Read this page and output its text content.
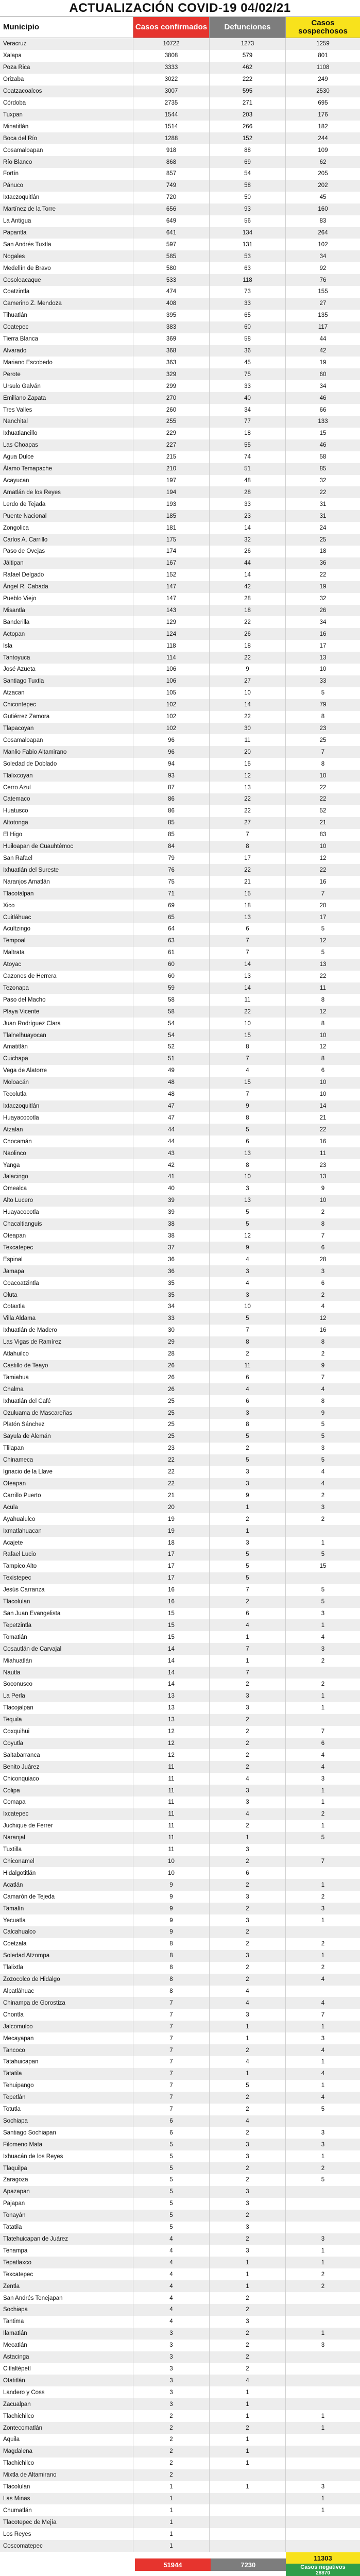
ACTUALIZACIÓN COVID-19 04/02/21
Municipio	Casos confirmados	Defunciones	Casos sospechosos
Veracruz	10722	1273	1259
Xalapa	3808	579	801
Poza Rica	3333	462	1108
Orizaba	3022	222	249
Coatzacoalcos	3007	595	2530
Córdoba	2735	271	695
Tuxpan	1544	203	176
Minatitlán	1514	266	182
Boca del Río	1288	152	244
Cosamaloapan	918	88	109
Río Blanco	868	69	62
Fortín	857	54	205
Pánuco	749	58	202
Ixtaczoquitlán	720	50	45
Martínez de la Torre	656	93	160
La Antigua	649	56	83
Papantla	641	134	264
San Andrés Tuxtla	597	131	102
Nogales	585	53	34
Medellín de Bravo	580	63	92
Cosoleacaque	533	118	76
Coatzintla	474	73	155
Camerino Z. Mendoza	408	33	27
Tihuatlán	395	65	135
Coatepec	383	60	117
Tierra Blanca	369	58	44
Alvarado	368	36	42
Mariano Escobedo	363	45	19
Perote	329	75	60
Ursulo Galván	299	33	34
Emiliano Zapata	270	40	46
Tres Valles	260	34	66
Nanchital	255	77	133
Ixhuatlancillo	229	18	15
Las Choapas	227	55	46
Agua Dulce	215	74	58
Álamo Temapache	210	51	85
Acayucan	197	48	32
Amatlán de los Reyes	194	28	22
Lerdo de Tejada	193	33	31
Puente Nacional	185	23	31
Zongolica	181	14	24
Carlos A. Carrillo	175	32	25
Paso de Ovejas	174	26	18
Jáltipan	167	44	36
Rafael Delgado	152	14	22
Ángel R. Cabada	147	42	19
Pueblo Viejo	147	28	32
Misantla	143	18	26
Banderilla	129	22	34
Actopan	124	26	16
Isla	118	18	17
Tantoyuca	114	22	13
José Azueta	106	9	10
Santiago Tuxtla	106	27	33
Atzacan	105	10	5
Chicontepec	102	14	79
Gutiérrez Zamora	102	22	8
Tlapacoyan	102	30	23
Cosamaloapan	96	11	25
Manlio Fabio Altamirano	96	20	7
Soledad de Doblado	94	15	8
Tlalixcoyan	93	12	10
Cerro Azul	87	13	22
Catemaco	86	22	22
Huatusco	86	22	52
Altotonga	85	27	21
El Higo	85	7	83
Huiloapan de Cuauhtémoc	84	8	10
San Rafael	79	17	12
Ixhuatlán del Sureste	76	22	22
Naranjos Amatlán	75	21	16
Tlacotalpan	71	15	7
Xico	69	18	20
Cuitláhuac	65	13	17
Acultzingo	64	6	5
Tempoal	63	7	12
Maltrata	61	7	5
Atoyac	60	14	13
Cazones de Herrera	60	13	22
Tezonapa	59	14	11
Paso del Macho	58	11	8
Playa Vicente	58	22	12
Juan Rodríguez Clara	54	10	8
Tlalnelhuayocan	54	15	10
Amatitlán	52	8	12
Cuichapa	51	7	8
Vega de Alatorre	49	4	6
Moloacán	48	15	10
Tecolutla	48	7	10
Ixtaczoquitlán	47	9	14
Huayacocotla	47	8	21
Atzalan	44	5	22
Chocamán	44	6	16
Naolinco	43	13	11
Yanga	42	8	23
Jalacingo	41	10	13
Omealca	40	3	9
Alto Lucero	39	13	10
Huayacocotla	39	5	2
Chacaltianguis	38	5	8
Oteapan	38	12	7
Texcatepec	37	9	6
Espinal	36	4	28
Jamapa	36	3	3
Coacoatzintla	35	4	6
Oluta	35	3	2
Cotaxtla	34	10	4
Villa Aldama	33	5	12
Ixhuatlán de Madero	30	7	16
Las Vigas de Ramírez	29	8	8
Atlahuilco	28	2	2
Castillo de Teayo	26	11	9
Tamiahua	26	6	7
Chalma	26	4	4
Ixhuatlán del Café	25	6	8
Ozuluama de Mascareñas	25	3	9
Platón Sánchez	25	8	5
Sayula de Alemán	25	5	5
Tlilapan	23	2	3
Chinameca	22	5	5
Ignacio de la Llave	22	3	4
Oteapan	22	3	4
Carrillo Puerto	21	9	2
Acula	20	1	3
Ayahualulco	19	2	2
Ixmatlahuacan	19	1
Acajete	18	3	1
Rafael Lucio	17	5	5
Tampico Alto	17	5	15
Texistepec	17	5
Jesús Carranza	16	7	5
Tlacolulan	16	2	5
San Juan Evangelista	15	6	3
Tepetzintla	15	4	1
Tomatlán	15	1	4
Cosautlán de Carvajal	14	7	3
Miahuatlán	14	1	2
Nautla	14	7
Soconusco	14	2	2
La Perla	13	3	1
Tlacojalpan	13	3	1
Tequila	13	2
Coxquihui	12	2	7
Coyutla	12	2	6
Saltabarranca	12	2	4
Benito Juárez	11	2	4
Chiconquiaco	11	4	3
Colipa	11	3	1
Comapa	11	3	1
Ixcatepec	11	4	2
Juchique de Ferrer	11	2	1
Naranjal	11	1	5
Tuxtilla	11	3
Chiconamel	10	2	7
Hidalgotitlán	10	6
Acatlán	9	2	1
Camarón de Tejeda	9	3	2
Tamalín	9	2	3
Yecuatla	9	3	1
Calcahualco	9	2
Coetzala	8	2	2
Soledad Atzompa	8	3	1
Tlalixtla	8	2	2
Zozocolco de Hidalgo	8	2	4
Alpatláhuac	8	4
Chinampa de Gorostiza	7	4	4
Chontla	7	3	7
Jalcomulco	7	1	1
Mecayapan	7	1	3
Tancoco	7	2	4
Tatahuicapan	7	4	1
Tatatila	7	1	4
Tehuipango	7	5	1
Tepetlán	7	2	4
Totutla	7	2	5
Sochiapa	6	4
Santiago Sochiapan	6	2	3
Filomeno Mata	5	3	3
Ixhuacán de los Reyes	5	3	1
Tlaquilpa	5	2	2
Zaragoza	5	2	5
Apazapan	5	3
Pajapan	5	3
Tonayán	5	2
Tatatila	5	3
Tlatehuicapan de Juárez	4	2	3
Tenampa	4	3	1
Tepatlaxco	4	1	1
Texcatepec	4	1	2
Zentla	4	1	2
San Andrés Tenejapan	4	2
Sochiapa	4	2
Tantima	4	3
Ilamatlán	3	2	1
Mecatlán	3	2	3
Astacinga	3	2
Citlaltépetl	3	2
Otatitlán	3	4
Landero y Coss	3	1
Zacualpan	3	1
Tlachichilco	2	1	1
Zontecomatlán	2	2	1
Aquila	2	1
Magdalena	2	1
Tlachichilco	2	1
Mixtla de Altamirano	2
Tlacolulan	1	1	3
Las Minas	1	1
Chumatlán	1	1
Tlacotepec de Mejía	1
Los Reyes	1
Coscomatepec	1
51944	7230
11303
Casos negativos
28870
